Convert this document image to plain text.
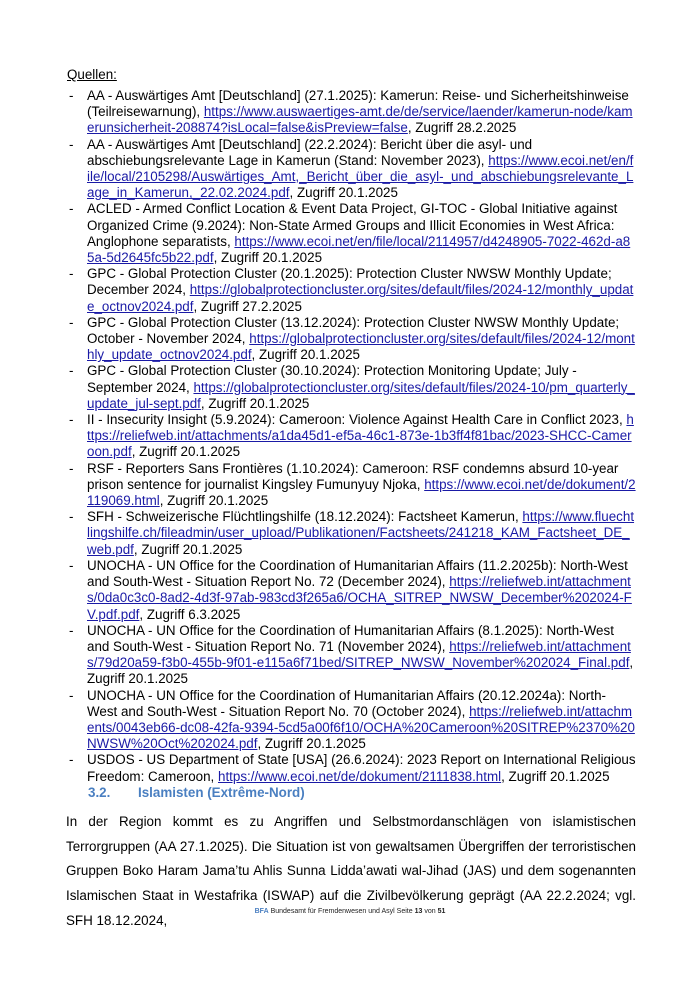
Quellen:
- AA - Auswärtiges Amt [Deutschland] (27.1.2025): Kamerun: Reise- und Sicherheitshinweise (Teilreisewarnung), https://www.auswaertiges-amt.de/de/service/laender/kamerun-node/kamerunsicherheit-208874?isLocal=false&isPreview=false, Zugriff 28.2.2025
- AA - Auswärtiges Amt [Deutschland] (22.2.2024): Bericht über die asyl- und abschiebungsrelevante Lage in Kamerun (Stand: November 2023), https://www.ecoi.net/en/file/local/2105298/Auswärtiges_Amt,_Bericht_über_die_asyl-_und_abschiebungsrelevante_Lage_in_Kamerun,_22.02.2024.pdf, Zugriff 20.1.2025
- ACLED - Armed Conflict Location & Event Data Project, GI-TOC - Global Initiative against Organized Crime (9.2024): Non-State Armed Groups and Illicit Economies in West Africa: Anglophone separatists, https://www.ecoi.net/en/file/local/2114957/d4248905-7022-462d-a85a-5d2645fc5b22.pdf, Zugriff 20.1.2025
- GPC - Global Protection Cluster (20.1.2025): Protection Cluster NWSW Monthly Update; December 2024, https://globalprotectioncluster.org/sites/default/files/2024-12/monthly_update_octnov2024.pdf, Zugriff 27.2.2025
- GPC - Global Protection Cluster (13.12.2024): Protection Cluster NWSW Monthly Update; October - November 2024, https://globalprotectioncluster.org/sites/default/files/2024-12/monthly_update_octnov2024.pdf, Zugriff 20.1.2025
- GPC - Global Protection Cluster (30.10.2024): Protection Monitoring Update; July - September 2024, https://globalprotectioncluster.org/sites/default/files/2024-10/pm_quarterly_update_jul-sept.pdf, Zugriff 20.1.2025
- II - Insecurity Insight (5.9.2024): Cameroon: Violence Against Health Care in Conflict 2023, https://reliefweb.int/attachments/a1da45d1-ef5a-46c1-873e-1b3ff4f81bac/2023-SHCC-Cameroon.pdf, Zugriff 20.1.2025
- RSF - Reporters Sans Frontières (1.10.2024): Cameroon: RSF condemns absurd 10-year prison sentence for journalist Kingsley Fumunyuy Njoka, https://www.ecoi.net/de/dokument/2119069.html, Zugriff 20.1.2025
- SFH - Schweizerische Flüchtlingshilfe (18.12.2024): Factsheet Kamerun, https://www.fluechtlingshilfe.ch/fileadmin/user_upload/Publikationen/Factsheets/241218_KAM_Factsheet_DE_web.pdf, Zugriff 20.1.2025
- UNOCHA - UN Office for the Coordination of Humanitarian Affairs (11.2.2025b): North-West and South-West - Situation Report No. 72 (December 2024), https://reliefweb.int/attachments/0da0c3c0-8ad2-4d3f-97ab-983cd3f265a6/OCHA_SITREP_NWSW_December%202024-FV.pdf.pdf, Zugriff 6.3.2025
- UNOCHA - UN Office for the Coordination of Humanitarian Affairs (8.1.2025): North-West and South-West - Situation Report No. 71 (November 2024), https://reliefweb.int/attachments/79d20a59-f3b0-455b-9f01-e115a6f71bed/SITREP_NWSW_November%202024_Final.pdf, Zugriff 20.1.2025
- UNOCHA - UN Office for the Coordination of Humanitarian Affairs (20.12.2024a): North-West and South-West - Situation Report No. 70 (October 2024), https://reliefweb.int/attachments/0043eb66-dc08-42fa-9394-5cd5a00f6f10/OCHA%20Cameroon%20SITREP%2370%20NWSW%20Oct%202024.pdf, Zugriff 20.1.2025
- USDOS - US Department of State [USA] (26.6.2024): 2023 Report on International Religious Freedom: Cameroon, https://www.ecoi.net/de/dokument/2111838.html, Zugriff 20.1.2025
3.2. Islamisten (Extrême-Nord)

In der Region kommt es zu Angriffen und Selbstmordanschlägen von islamistischen Terrorgruppen (AA 27.1.2025). Die Situation ist von gewaltsamen Übergriffen der terroristischen Gruppen Boko Haram Jama’tu Ahlis Sunna Lidda’awati wal-Jihad (JAS) und dem sogenannten Islamischen Staat in Westafrika (ISWAP) auf die Zivilbevölkerung geprägt (AA 22.2.2024; vgl. SFH 18.12.2024,

BFA Bundesamt für Fremdenwesen und Asyl Seite 13 von 51
